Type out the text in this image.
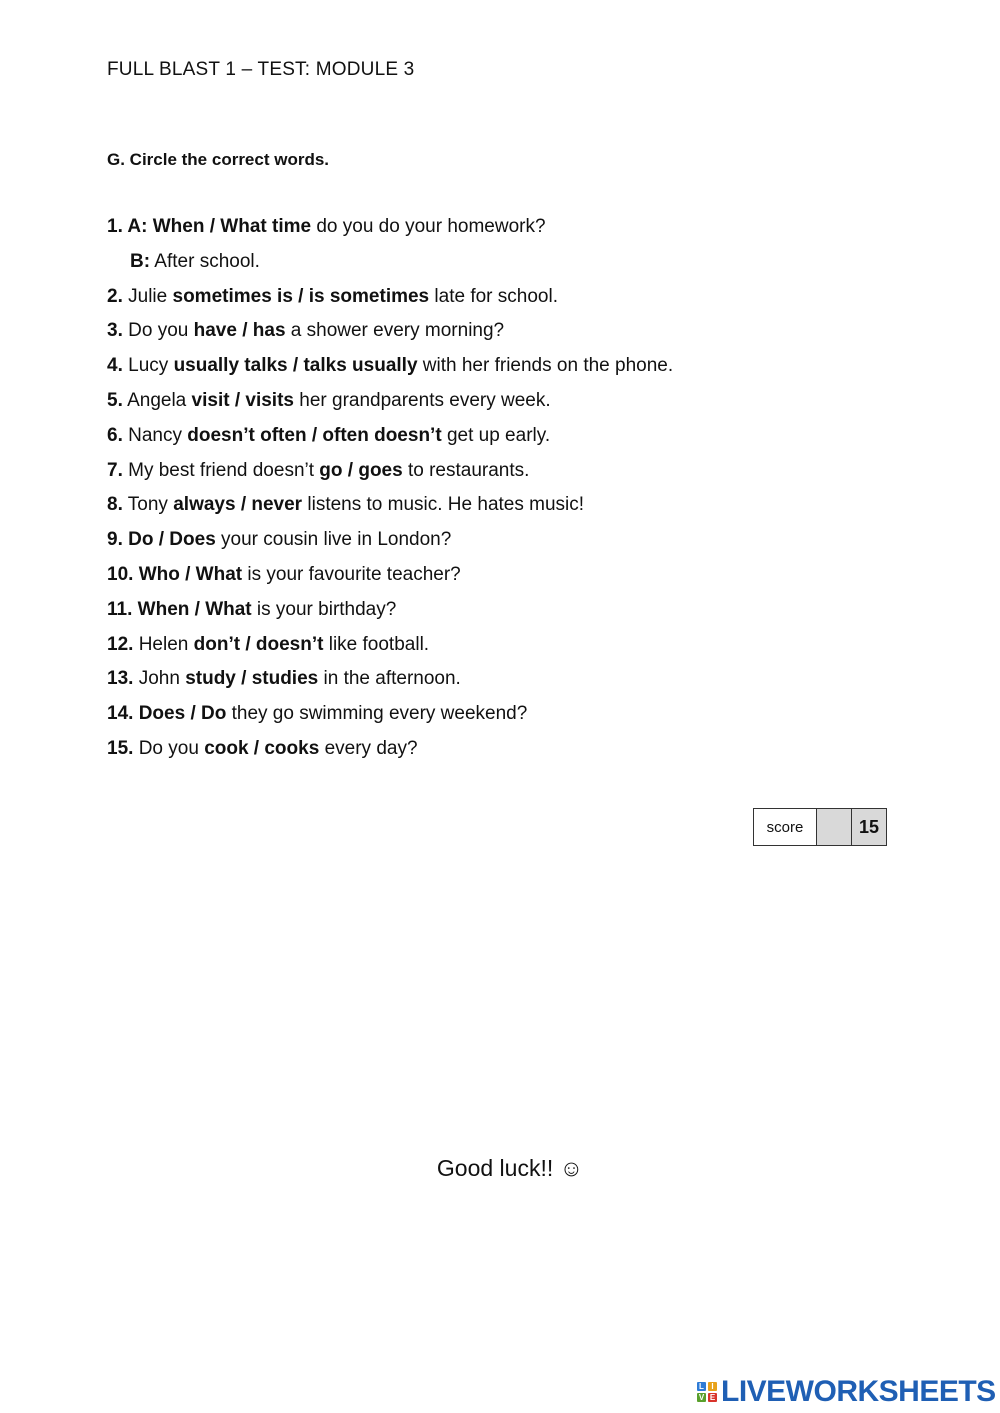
FULL BLAST 1 – TEST: MODULE 3
G. Circle the correct words.
1. A: When / What time do you do your homework?
B: After school.
2. Julie sometimes is / is sometimes late for school.
3. Do you have / has a shower every morning?
4. Lucy usually talks / talks usually with her friends on the phone.
5. Angela visit / visits her grandparents every week.
6. Nancy doesn’t often / often doesn’t get up early.
7. My best friend doesn’t go / goes to restaurants.
8. Tony always / never listens to music. He hates music!
9. Do / Does your cousin live in London?
10. Who / What is your favourite teacher?
11. When / What is your birthday?
12. Helen don’t / doesn’t like football.
13. John study / studies in the afternoon.
14. Does / Do they go swimming every weekend?
15. Do you cook / cooks every day?
score	15
Good luck!! ☺
L I
V E LIVEWORKSHEETS
